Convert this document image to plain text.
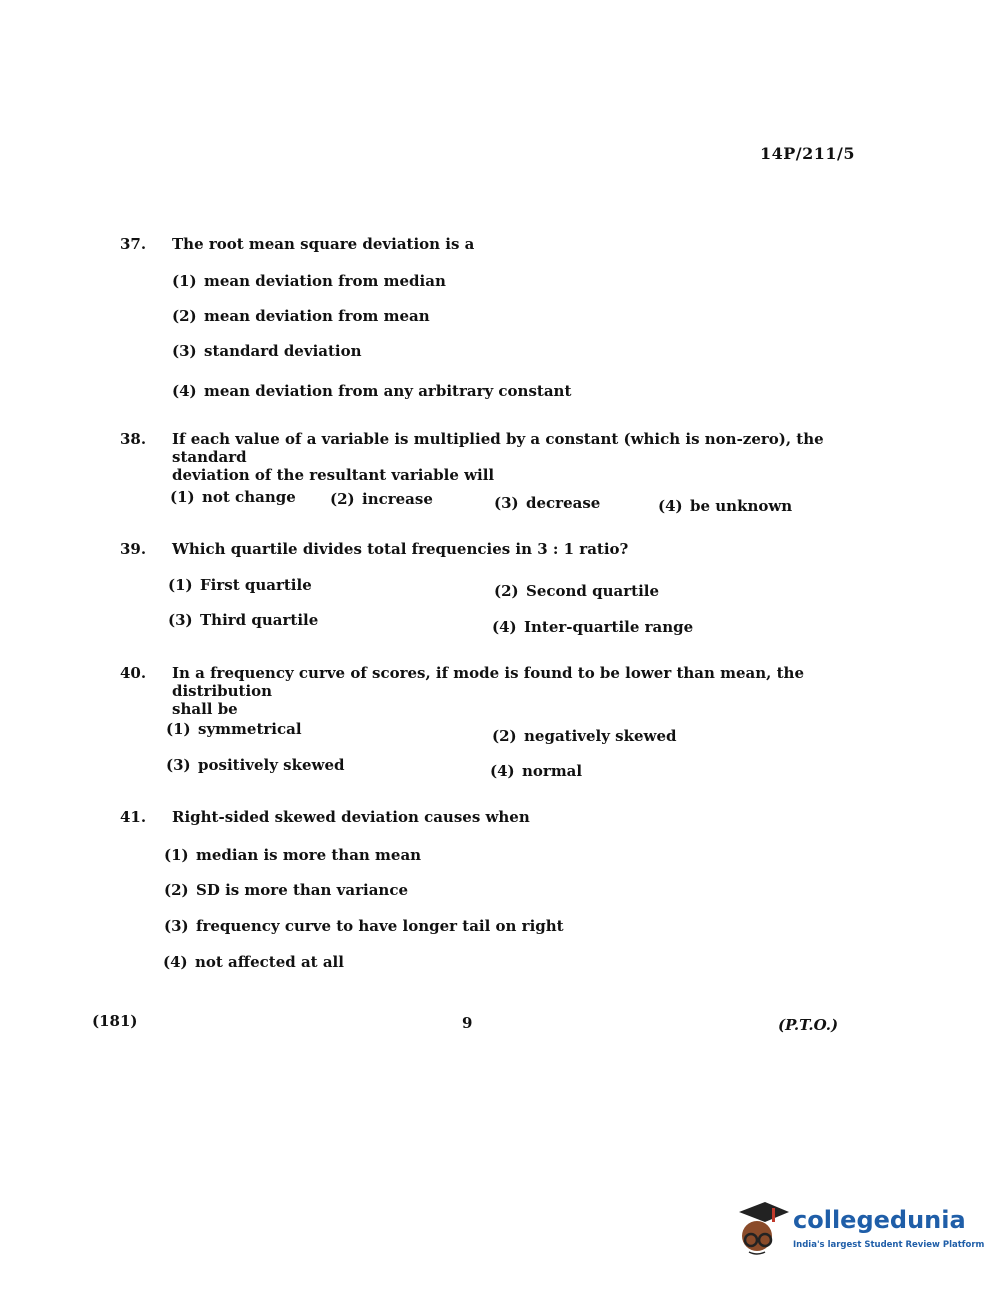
14P/211/5
37.	The root mean square deviation is a
(1) mean deviation from median
(2) mean deviation from mean
(3) standard deviation
(4) mean deviation from any arbitrary constant
38.	If each value of a variable is multiplied by a constant (which is non-zero), the standard
deviation of the resultant variable will
(1) not change (2) increase	(3) decrease	(4) be unknown
39.	Which quartile divides total frequencies in 3 : 1 ratio?
(1) First quartile	(2) Second quartile
(3) Third quartile	(4) Inter-quartile range
40.	In a frequency curve of scores, if mode is found to be lower than mean, the distribution
shall be
(1) symmetrical	(2) negatively skewed
(3) positively skewed	(4) normal
41.	Right-sided skewed deviation causes when
(1) median is more than mean
(2) SD is more than variance
(3) frequency curve to have longer tail on right
(4) not affected at all
(181)	9	(P.T.O.)
collegedunia
India's largest Student Review Platform
